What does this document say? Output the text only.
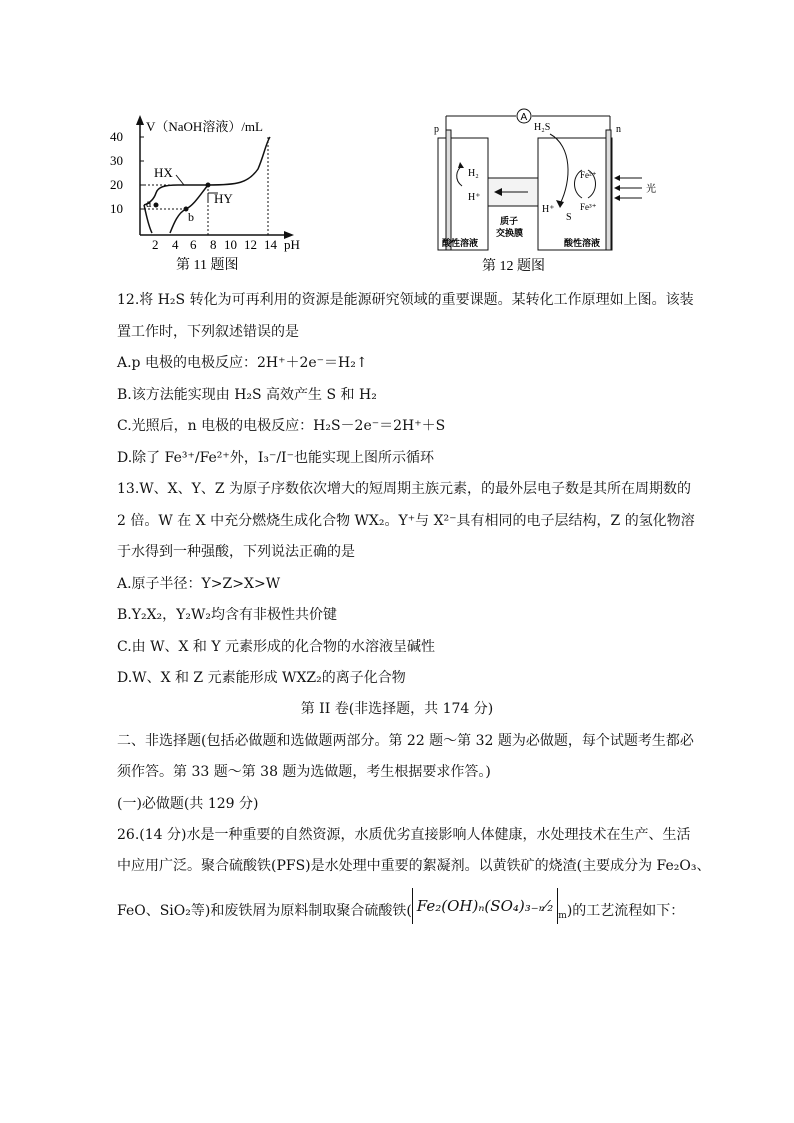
40
30
20
10
2 4 6 8 10 12 14 pH
V（NaOH溶液）/mL
HX
HY
a
b
第 11 题图
A
p	n
H₂S
H₂
H⁺
H⁺
S
Fe²⁺
Fe³⁺
光
质子
交换膜
酸性溶液	酸性溶液
第 12 题图
12.将 H₂S 转化为可再利用的资源是能源研究领域的重要课题。某转化工作原理如上图。该装
置工作时，下列叙述错误的是
A.p 电极的电极反应：2H⁺＋2e⁻＝H₂↑
B.该方法能实现由 H₂S 高效产生 S 和 H₂
C.光照后，n 电极的电极反应：H₂S－2e⁻＝2H⁺＋S
D.除了 Fe³⁺/Fe²⁺外，I₃⁻/I⁻也能实现上图所示循环
13.W、X、Y、Z 为原子序数依次增大的短周期主族元素，的最外层电子数是其所在周期数的
2 倍。W 在 X 中充分燃烧生成化合物 WX₂。Y⁺与 X²⁻具有相同的电子层结构，Z 的氢化物溶
于水得到一种强酸，下列说法正确的是
A.原子半径：Y>Z>X>W
B.Y₂X₂，Y₂W₂均含有非极性共价键
C.由 W、X 和 Y 元素形成的化合物的水溶液呈碱性
D.W、X 和 Z 元素能形成 WXZ₂的离子化合物
第 II 卷(非选择题，共 174 分)
二、非选择题(包括必做题和选做题两部分。第 22 题～第 32 题为必做题，每个试题考生都必
须作答。第 33 题～第 38 题为选做题，考生根据要求作答。)
(一)必做题(共 129 分)
26.(14 分)水是一种重要的自然资源，水质优劣直接影响人体健康，水处理技术在生产、生活
中应用广泛。聚合硫酸铁(PFS)是水处理中重要的絮凝剂。以黄铁矿的烧渣(主要成分为 Fe₂O₃、
FeO、SiO₂等)和废铁屑为原料制取聚合硫酸铁( $Fe_2(OH)_n(SO_4)_{3-n}⁄_2_m$)的工艺流程如下：
